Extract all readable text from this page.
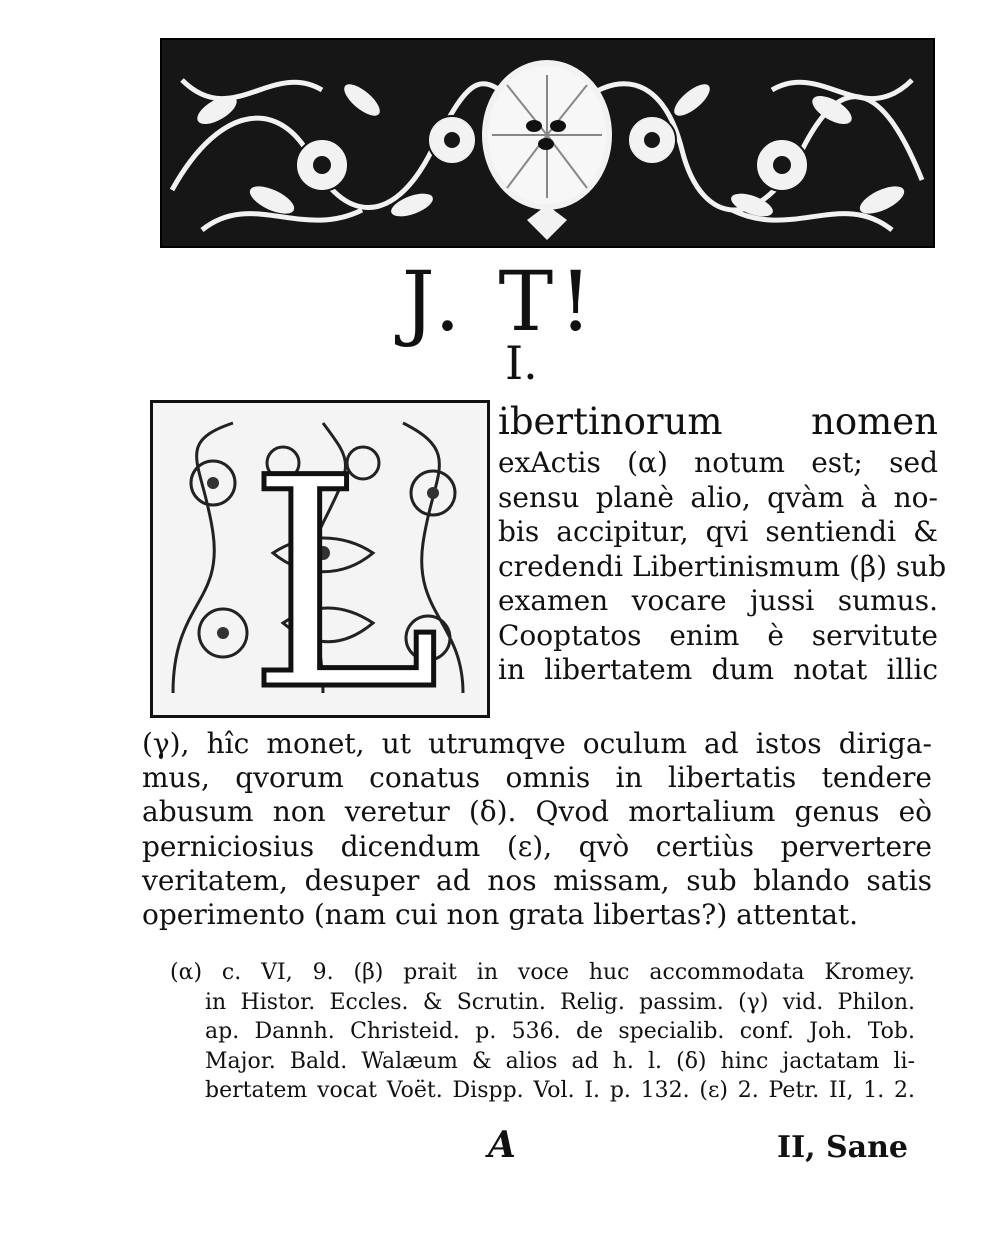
J. T!
I.
L ibertinorum nomen
exActis (α) notum est; sed
sensu planè alio, qvàm à no-
bis accipitur, qvi sentiendi &
credendi Libertinismum (β) sub
examen vocare jussi sumus.
Cooptatos enim è servitute
in libertatem dum notat illic
(γ), hîc monet, ut utrumqve oculum ad istos diriga-
mus, qvorum conatus omnis in libertatis tendere
abusum non veretur (δ). Qvod mortalium genus eò
perniciosius dicendum (ε), qvò certiùs pervertere
veritatem, desuper ad nos missam, sub blando satis
operimento (nam cui non grata libertas?) attentat.
(α) c. VI, 9. (β) prait in voce huc accommodata Kromey.
in Histor. Eccles. & Scrutin. Relig. passim. (γ) vid. Philon.
ap. Dannh. Christeid. p. 536. de specialib. conf. Joh. Tob.
Major. Bald. Walæum & alios ad h. l. (δ) hinc jactatam li-
bertatem vocat Voët. Dispp. Vol. I. p. 132. (ε) 2. Petr. II, 1. 2.
A	II, Sane
